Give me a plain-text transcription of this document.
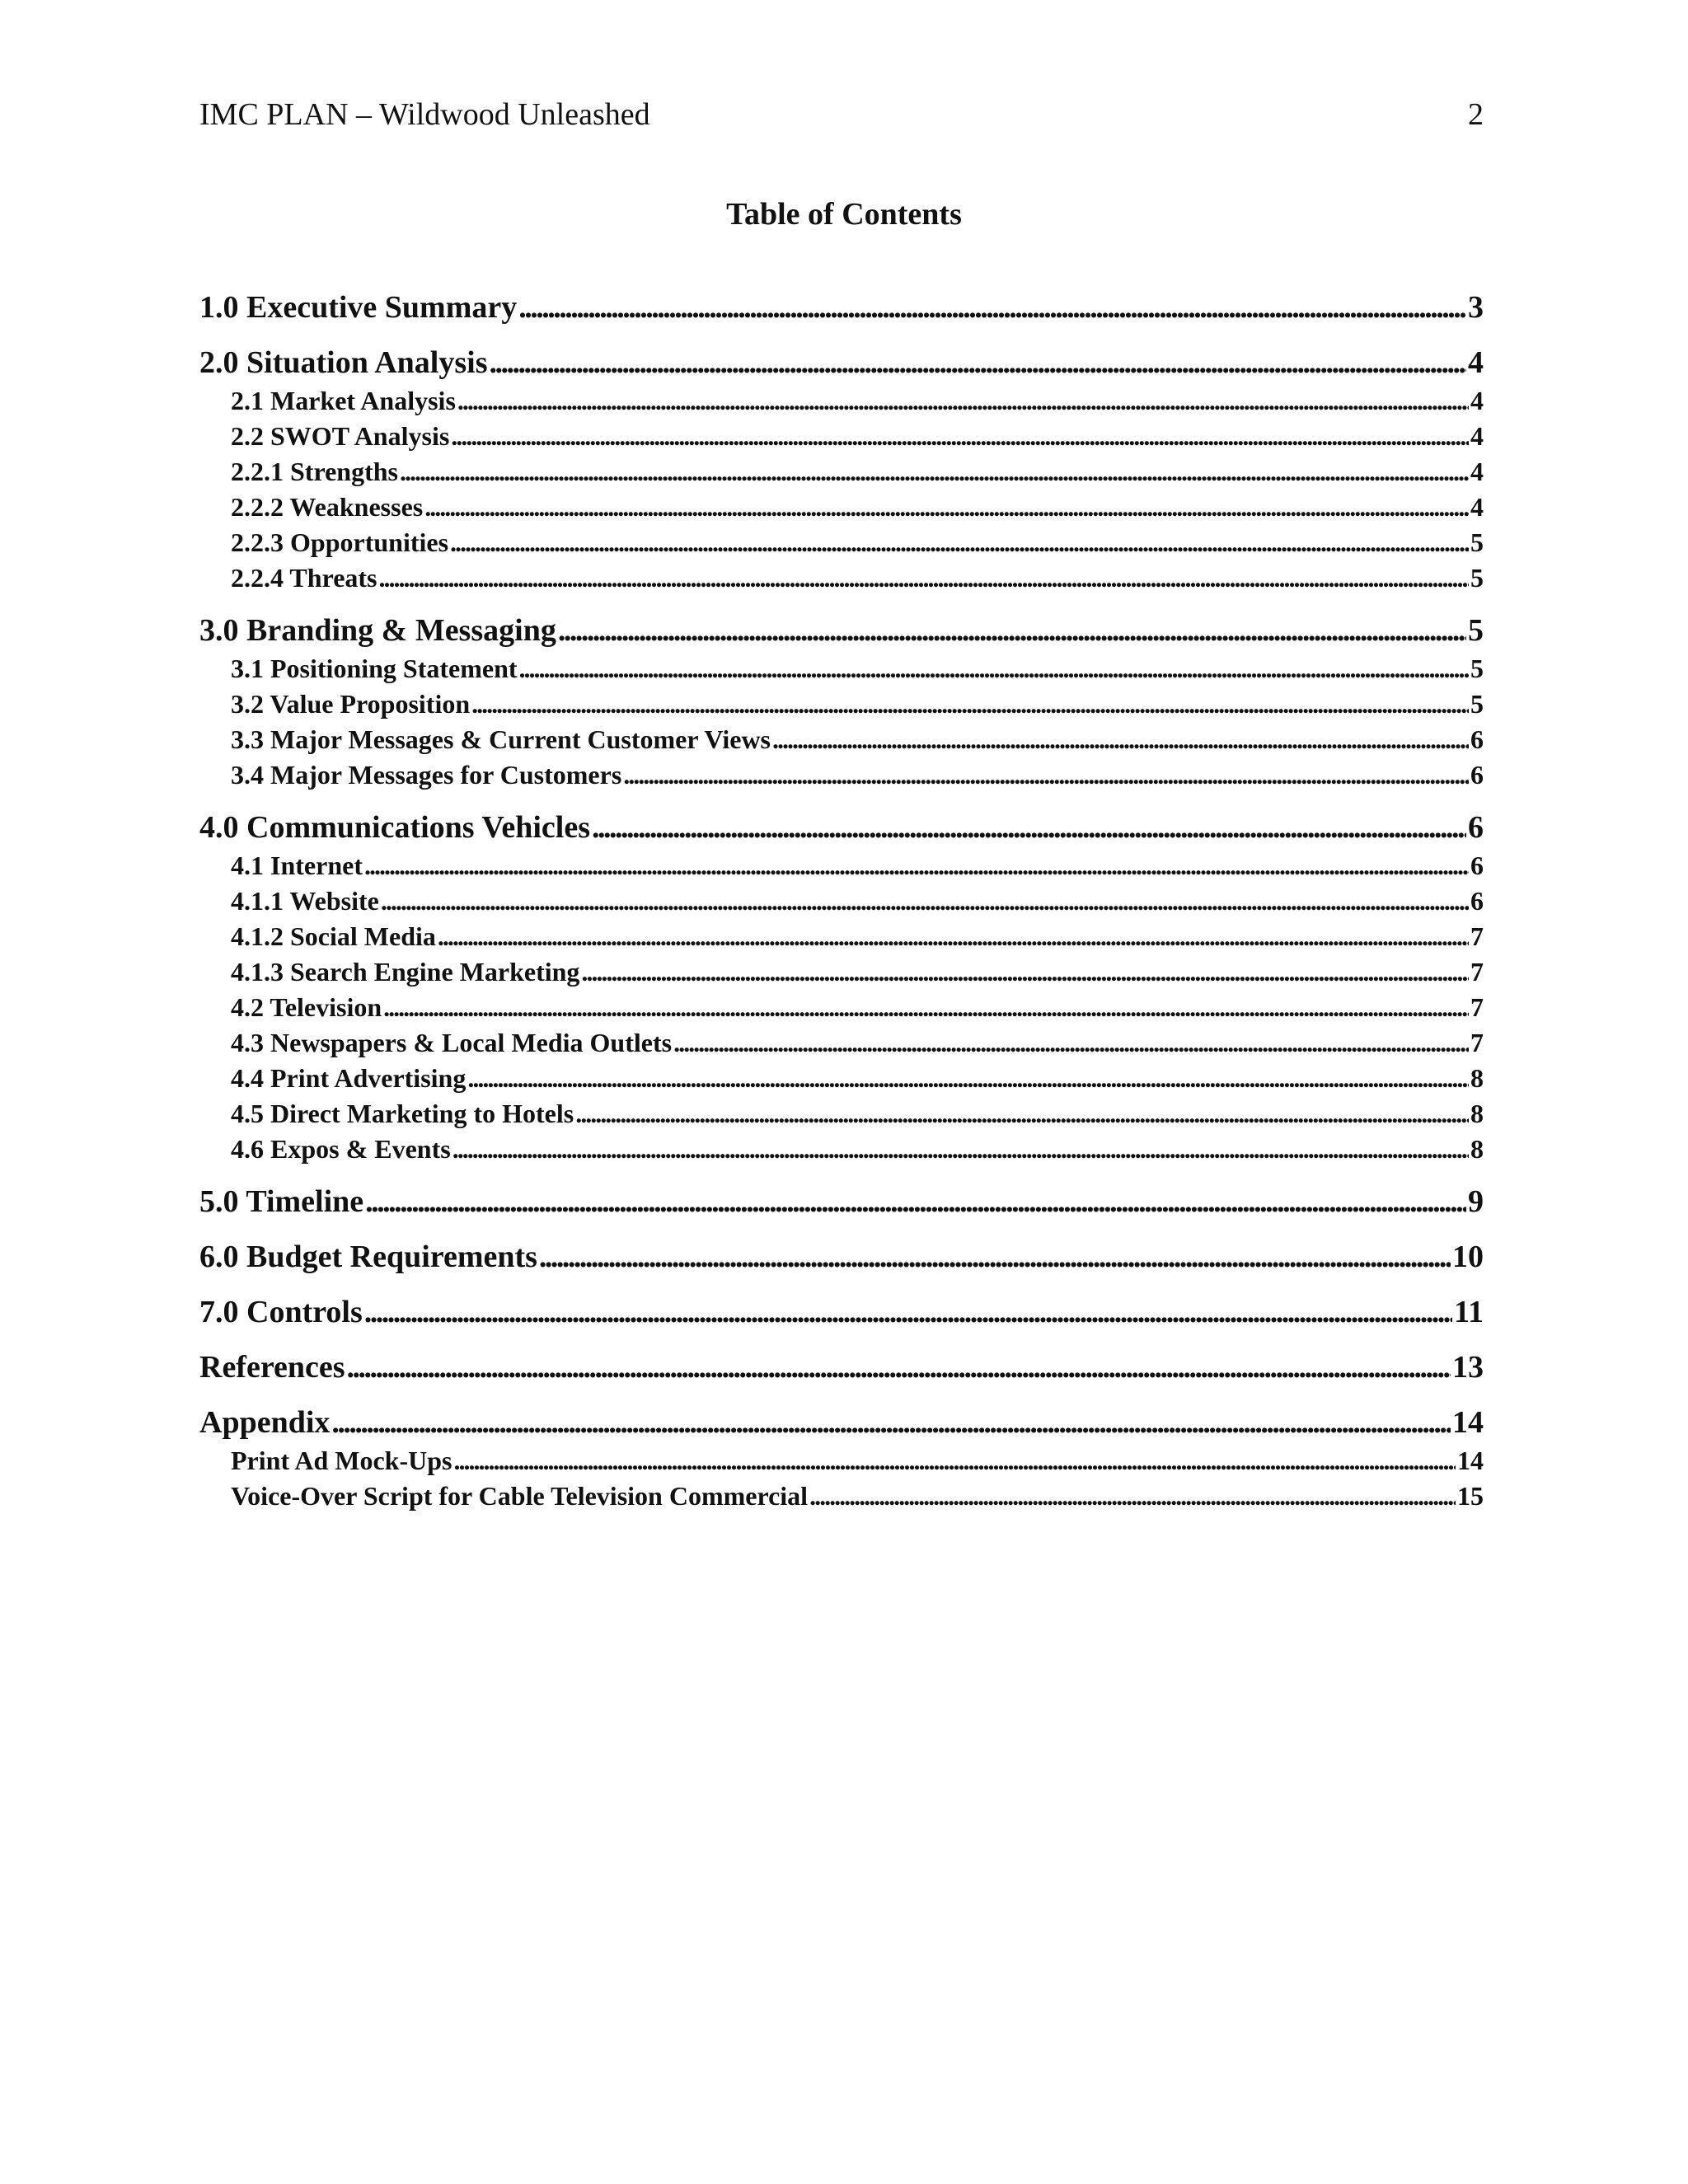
IMC PLAN – Wildwood Unleashed	2
Table of Contents
1.0 Executive Summary . . .	3
2.0 Situation Analysis . . .	4
2.1 Market Analysis . . .	4
2.2 SWOT Analysis . . .	4
2.2.1 Strengths . . .	4
2.2.2 Weaknesses . . .	4
2.2.3 Opportunities . . .	5
2.2.4 Threats . . .	5
3.0 Branding & Messaging . . .	5
3.1 Positioning Statement . . .	5
3.2 Value Proposition . . .	5
3.3 Major Messages & Current Customer Views . . .	6
3.4 Major Messages for Customers . . .	6
4.0 Communications Vehicles . . .	6
4.1 Internet . . .	6
4.1.1 Website . . .	6
4.1.2 Social Media . . .	7
4.1.3 Search Engine Marketing . . .	7
4.2 Television . . .	7
4.3 Newspapers & Local Media Outlets . . .	7
4.4 Print Advertising . . .	8
4.5 Direct Marketing to Hotels . . .	8
4.6 Expos & Events . . .	8
5.0 Timeline . . .	9
6.0 Budget Requirements . . .	10
7.0 Controls . . .	11
References . . .	13
Appendix . . .	14
Print Ad Mock-Ups . . .	14
Voice-Over Script for Cable Television Commercial . . .	15
